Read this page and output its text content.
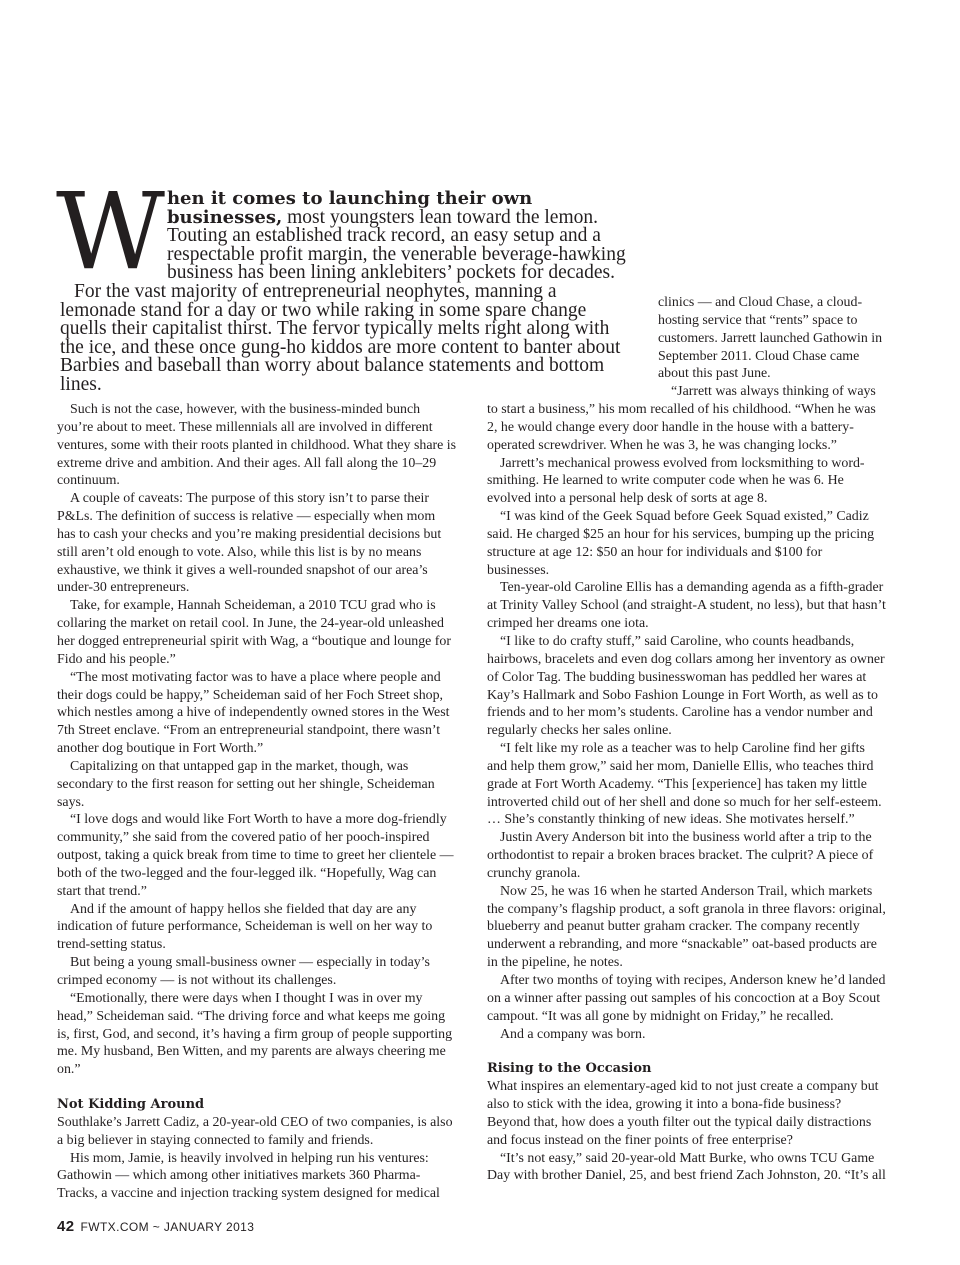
W hen it comes to launching their own businesses, most youngsters lean toward the lemon. Touting an established track record, an easy setup and a respectable profit margin, the venerable beverage-hawking business has been lining anklebiters’ pockets for decades.

For the vast majority of entrepreneurial neophytes, manning a lemonade stand for a day or two while raking in some spare change quells their capitalist thirst. The fervor typically melts right along with the ice, and these once gung-ho kiddos are more content to banter about Barbies and baseball than worry about balance statements and bottom lines.

clinics — and Cloud Chase, a cloud-hosting service that “rents” space to customers. Jarrett launched Gathowin in September 2011. Cloud Chase came about this past June.

“Jarrett was always thinking of ways

Such is not the case, however, with the business-minded bunch you’re about to meet. These millennials all are involved in different ventures, some with their roots planted in childhood. What they share is extreme drive and ambition. And their ages. All fall along the 10–29 continuum.

A couple of caveats: The purpose of this story isn’t to parse their P&Ls. The definition of success is relative — especially when mom has to cash your checks and you’re making presidential decisions but still aren’t old enough to vote. Also, while this list is by no means exhaustive, we think it gives a well-rounded snapshot of our area’s under-30 entrepreneurs.

Take, for example, Hannah Scheideman, a 2010 TCU grad who is collaring the market on retail cool. In June, the 24-year-old unleashed her dogged entrepreneurial spirit with Wag, a “boutique and lounge for Fido and his people.”

“The most motivating factor was to have a place where people and their dogs could be happy,” Scheideman said of her Foch Street shop, which nestles among a hive of independently owned stores in the West 7th Street enclave. “From an entrepreneurial standpoint, there wasn’t another dog boutique in Fort Worth.”

Capitalizing on that untapped gap in the market, though, was secondary to the first reason for setting out her shingle, Scheideman says.

“I love dogs and would like Fort Worth to have a more dog-friendly community,” she said from the covered patio of her pooch-inspired outpost, taking a quick break from time to time to greet her clientele — both of the two-legged and the four-legged ilk. “Hopefully, Wag can start that trend.”

And if the amount of happy hellos she fielded that day are any indication of future performance, Scheideman is well on her way to trend-setting status.

But being a young small-business owner — especially in today’s crimped economy — is not without its challenges.

“Emotionally, there were days when I thought I was in over my head,” Scheideman said. “The driving force and what keeps me going is, first, God, and second, it’s having a firm group of people supporting me. My husband, Ben Witten, and my parents are always cheering me on.”

Not Kidding Around

Southlake’s Jarrett Cadiz, a 20-year-old CEO of two companies, is also a big believer in staying connected to family and friends.

His mom, Jamie, is heavily involved in helping run his ventures: Gathowin — which among other initiatives markets 360 Pharma-Tracks, a vaccine and injection tracking system designed for medical

to start a business,” his mom recalled of his childhood. “When he was 2, he would change every door handle in the house with a battery-operated screwdriver. When he was 3, he was changing locks.”

Jarrett’s mechanical prowess evolved from locksmithing to word-smithing. He learned to write computer code when he was 6. He evolved into a personal help desk of sorts at age 8.

“I was kind of the Geek Squad before Geek Squad existed,” Cadiz said. He charged $25 an hour for his services, bumping up the pricing structure at age 12: $50 an hour for individuals and $100 for businesses.

Ten-year-old Caroline Ellis has a demanding agenda as a fifth-grader at Trinity Valley School (and straight-A student, no less), but that hasn’t crimped her dreams one iota.

“I like to do crafty stuff,” said Caroline, who counts headbands, hairbows, bracelets and even dog collars among her inventory as owner of Color Tag. The budding businesswoman has peddled her wares at Kay’s Hallmark and Sobo Fashion Lounge in Fort Worth, as well as to friends and to her mom’s students. Caroline has a vendor number and regularly checks her sales online.

“I felt like my role as a teacher was to help Caroline find her gifts and help them grow,” said her mom, Danielle Ellis, who teaches third grade at Fort Worth Academy. “This [experience] has taken my little introverted child out of her shell and done so much for her self-esteem. … She’s constantly thinking of new ideas. She motivates herself.”

Justin Avery Anderson bit into the business world after a trip to the orthodontist to repair a broken braces bracket. The culprit? A piece of crunchy granola.

Now 25, he was 16 when he started Anderson Trail, which markets the company’s flagship product, a soft granola in three flavors: original, blueberry and peanut butter graham cracker. The company recently underwent a rebranding, and more “snackable” oat-based products are in the pipeline, he notes.

After two months of toying with recipes, Anderson knew he’d landed on a winner after passing out samples of his concoction at a Boy Scout campout. “It was all gone by midnight on Friday,” he recalled.

And a company was born.

Rising to the Occasion

What inspires an elementary-aged kid to not just create a company but also to stick with the idea, growing it into a bona-fide business? Beyond that, how does a youth filter out the typical daily distractions and focus instead on the finer points of free enterprise?

“It’s not easy,” said 20-year-old Matt Burke, who owns TCU Game Day with brother Daniel, 25, and best friend Zach Johnston, 20. “It’s all

42 FWTX.COM ~ JANUARY 2013
